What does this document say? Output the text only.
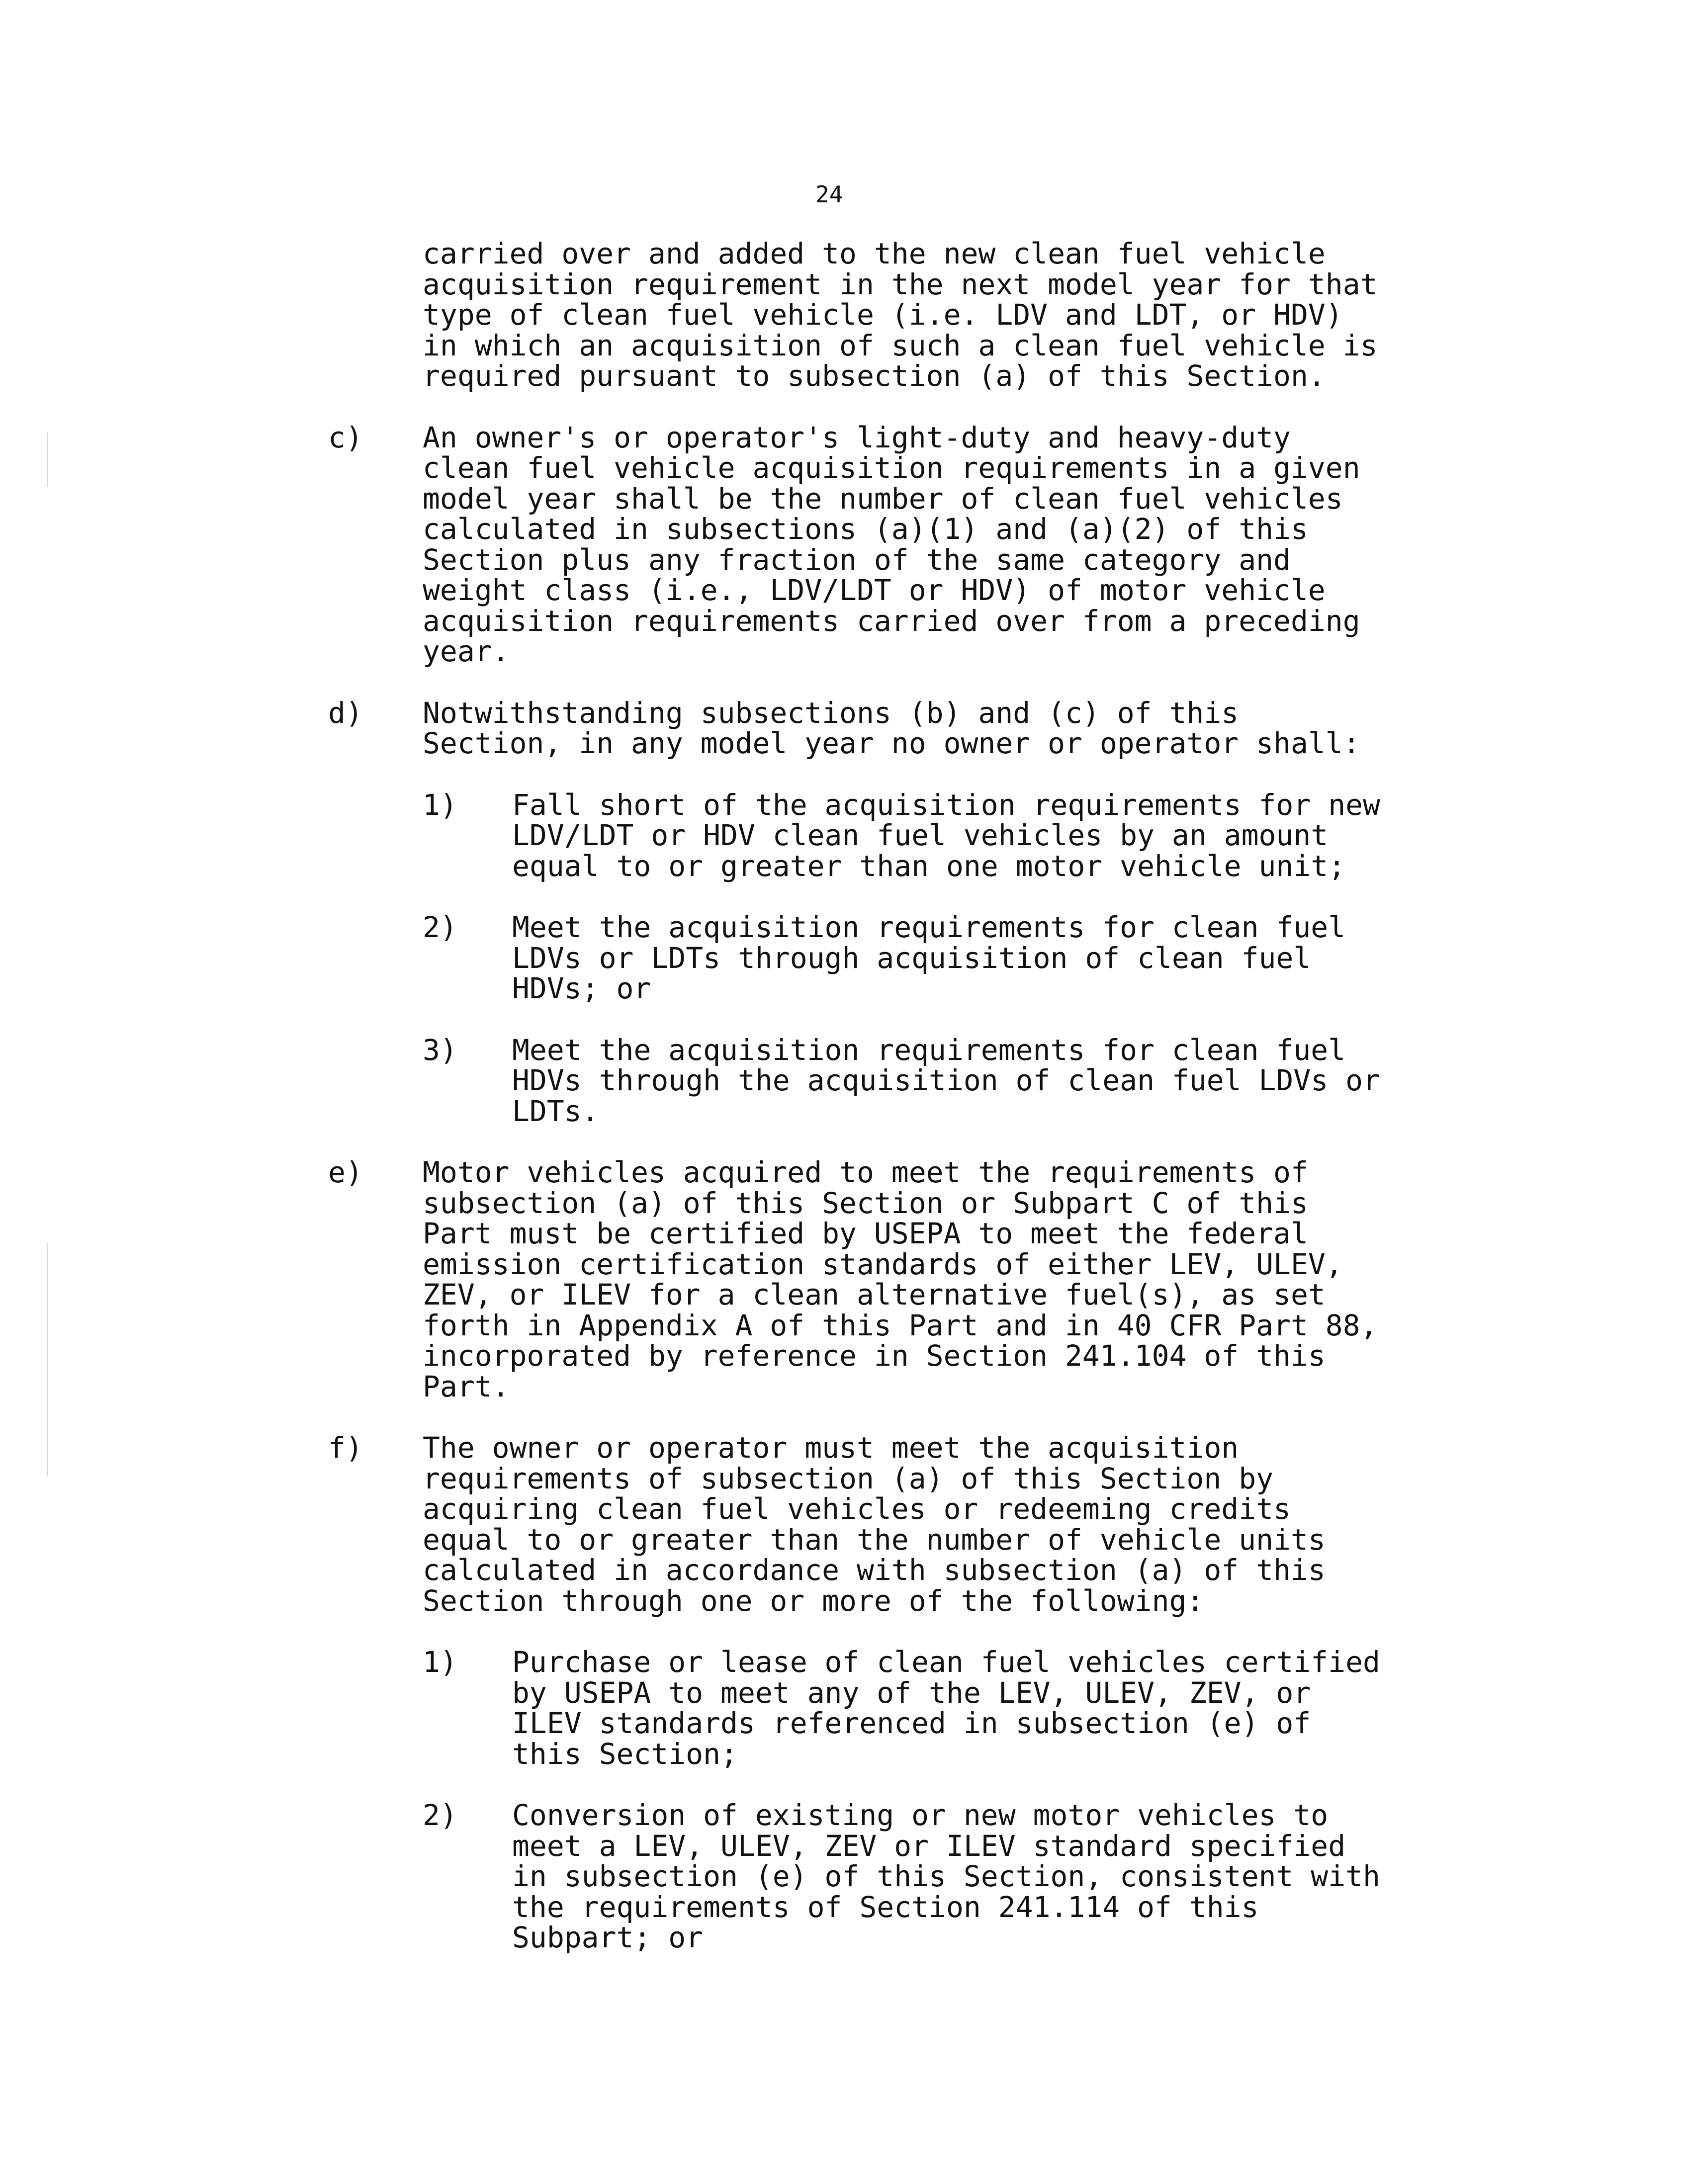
24
carried over and added to the new clean fuel vehicle
acquisition requirement in the next model year for that
type of clean fuel vehicle (i.e. LDV and LDT, or HDV)
in which an acquisition of such a clean fuel vehicle is
required pursuant to subsection (a) of this Section.
c) An owner's or operator's light-duty and heavy-duty
clean fuel vehicle acquisition requirements in a given
model year shall be the number of clean fuel vehicles
calculated in subsections (a)(1) and (a)(2) of this
Section plus any fraction of the same category and
weight class (i.e., LDV/LDT or HDV) of motor vehicle
acquisition requirements carried over from a preceding
year.
d) Notwithstanding subsections (b) and (c) of this
Section, in any model year no owner or operator shall:
1) Fall short of the acquisition requirements for new
LDV/LDT or HDV clean fuel vehicles by an amount
equal to or greater than one motor vehicle unit;
2) Meet the acquisition requirements for clean fuel
LDVs or LDTs through acquisition of clean fuel
HDVs; or
3) Meet the acquisition requirements for clean fuel
HDVs through the acquisition of clean fuel LDVs or
LDTs.
e) Motor vehicles acquired to meet the requirements of
subsection (a) of this Section or Subpart C of this
Part must be certified by USEPA to meet the federal
emission certification standards of either LEV, ULEV,
ZEV, or ILEV for a clean alternative fuel(s), as set
forth in Appendix A of this Part and in 40 CFR Part 88,
incorporated by reference in Section 241.104 of this
Part.
f) The owner or operator must meet the acquisition
requirements of subsection (a) of this Section by
acquiring clean fuel vehicles or redeeming credits
equal to or greater than the number of vehicle units
calculated in accordance with subsection (a) of this
Section through one or more of the following:
1) Purchase or lease of clean fuel vehicles certified
by USEPA to meet any of the LEV, ULEV, ZEV, or
ILEV standards referenced in subsection (e) of
this Section;
2) Conversion of existing or new motor vehicles to
meet a LEV, ULEV, ZEV or ILEV standard specified
in subsection (e) of this Section, consistent with
the requirements of Section 241.114 of this
Subpart; or
